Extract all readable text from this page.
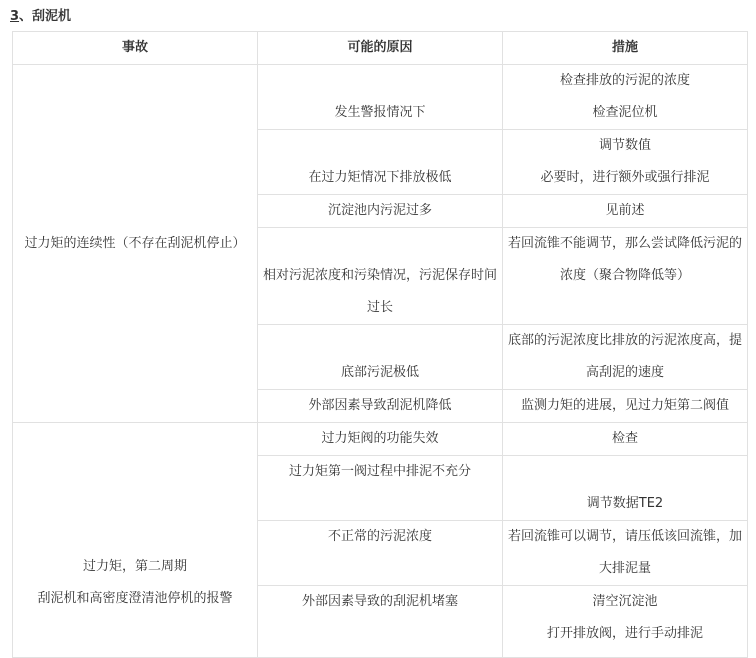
3、刮泥机
事故	可能的原因	措施

过力矩的连续性（不存在刮泥机停止）	发生警报情况下	检查排放的污泥的浓度
检查泥位机

	在过力矩情况下排放极低	调节数值
必要时，进行额外或强行排泥

	沉淀池内污泥过多	见前述

	相对污泥浓度和污染情况，污泥保存时间过长	若回流锥不能调节，那么尝试降低污泥的浓度（聚合物降低等）

	底部污泥极低	底部的污泥浓度比排放的污泥浓度高，提高刮泥的速度

	外部因素导致刮泥机降低	监测力矩的进展，见过力矩第二阀值

过力矩，第二周期
刮泥机和高密度澄清池停机的报警	过力矩阀的功能失效	检查

	过力矩第一阀过程中排泥不充分	调节数据TE2

	不正常的污泥浓度	若回流锥可以调节，请压低该回流锥，加大排泥量

	外部因素导致的刮泥机堵塞	清空沉淀池
打开排放阀，进行手动排泥
